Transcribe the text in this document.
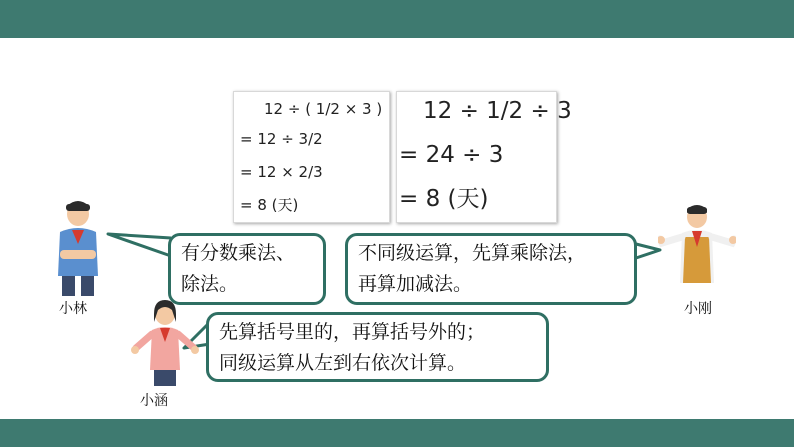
12 ÷ ( 1/2 × 3 )
= 12 ÷ 3/2
= 12 × 2/3
= 8 (天)
12 ÷ 1/2 ÷ 3
= 24 ÷ 3
= 8 (天)
有分数乘法、
除法。
不同级运算，先算乘除法，
再算加减法。
先算括号里的，再算括号外的；
同级运算从左到右依次计算。
小林	小刚
小涵
